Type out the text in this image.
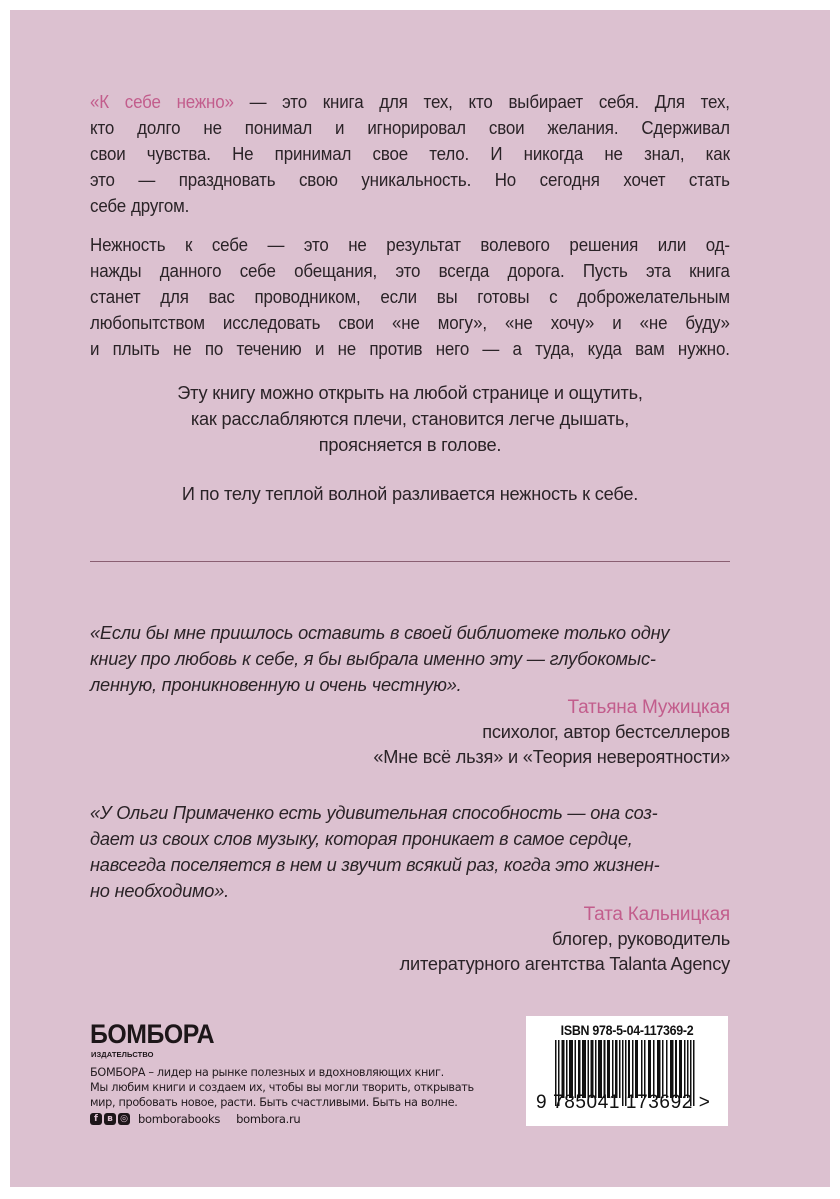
«К себе нежно» — это книга для тех, кто выбирает себя. Для тех,
кто долго не понимал и игнорировал свои желания. Сдерживал
свои чувства. Не принимал свое тело. И никогда не знал, как
это — праздновать свою уникальность. Но сегодня хочет стать
себе другом.
Нежность к себе — это не результат волевого решения или од-
нажды данного себе обещания, это всегда дорога. Пусть эта книга
станет для вас проводником, если вы готовы с доброжелательным
любопытством исследовать свои «не могу», «не хочу» и «не буду»
и плыть не по течению и не против него — а туда, куда вам нужно.
Эту книгу можно открыть на любой странице и ощутить,
как расслабляются плечи, становится легче дышать,
проясняется в голове.
И по телу теплой волной разливается нежность к себе.
«Если бы мне пришлось оставить в своей библиотеке только одну
книгу про любовь к себе, я бы выбрала именно эту — глубокомыс-
ленную, проникновенную и очень честную».
Татьяна Мужицкая
психолог, автор бестселлеров
«Мне всё льзя» и «Теория невероятности»
«У Ольги Примаченко есть удивительная способность — она соз-
дает из своих слов музыку, которая проникает в самое сердце,
навсегда поселяется в нем и звучит всякий раз, когда это жизнен-
но необходимо».
Тата Кальницкая
блогер, руководитель
литературного агентства Talanta Agency
БОМБОРА
ИЗДАТЕЛЬСТВО
БОМБОРА – лидер на рынке полезных и вдохновляющих книг.
Мы любим книги и создаем их, чтобы вы могли творить, открывать
мир, пробовать новое, расти. Быть счастливыми. Быть на волне.
f	в ◎ bomborabooks bombora.ru
ISBN 978-5-04-117369-2
9 785041 173692 >
